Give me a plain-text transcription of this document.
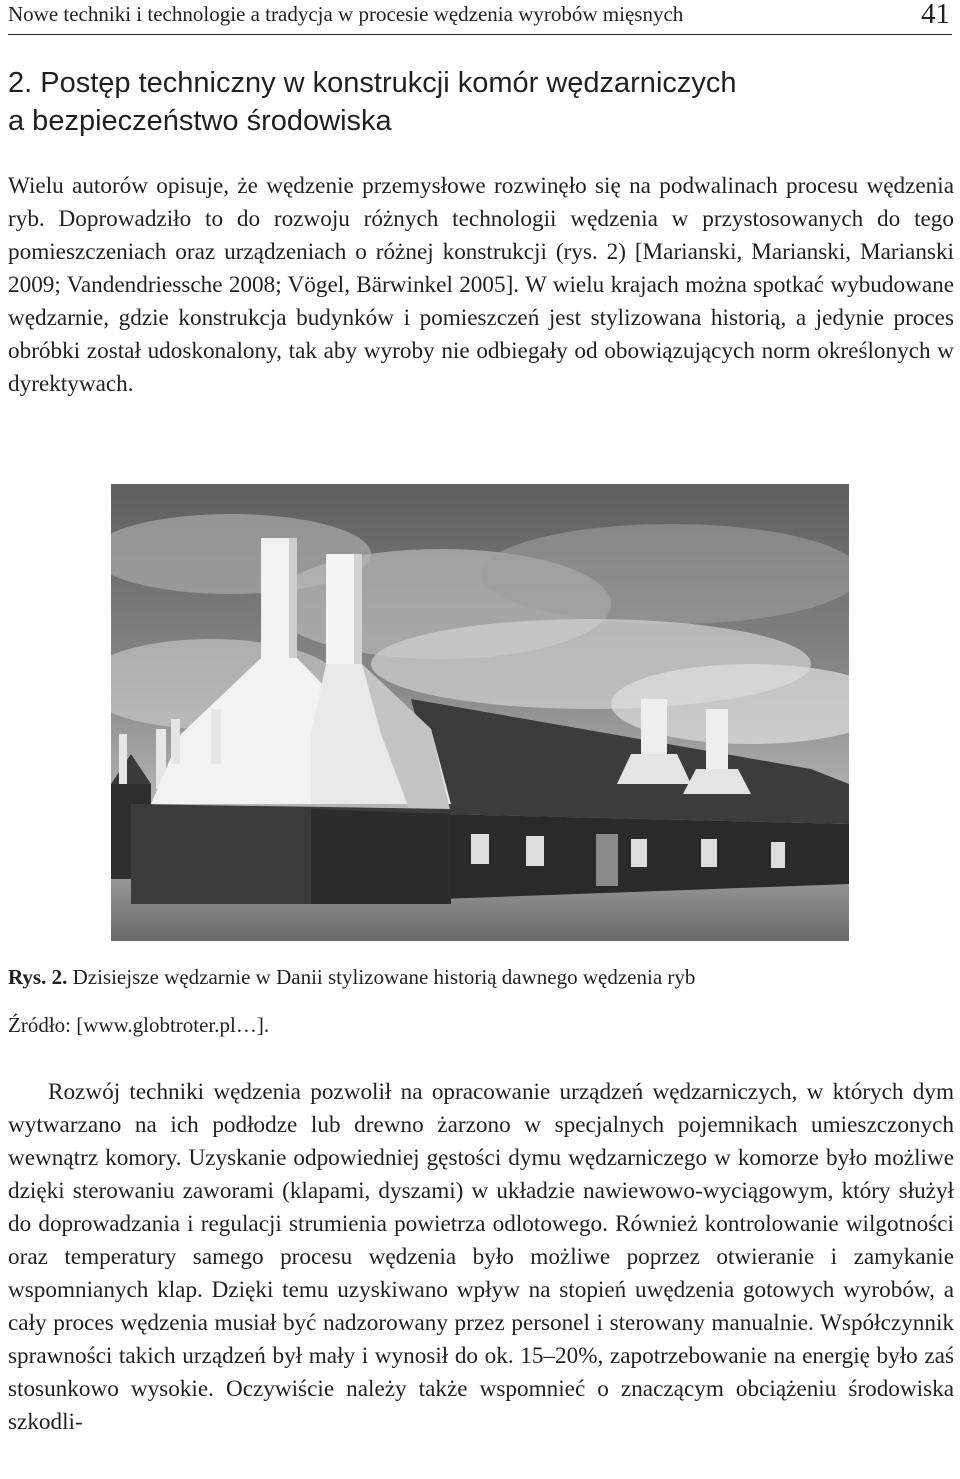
Nowe techniki i technologie a tradycja w procesie wędzenia wyrobów mięsnych	41
2. Postęp techniczny w konstrukcji komór wędzarniczych
a bezpieczeństwo środowiska

Wielu autorów opisuje, że wędzenie przemysłowe rozwinęło się na podwalinach procesu wędzenia ryb. Doprowadziło to do rozwoju różnych technologii wędzenia w przystosowanych do tego pomieszczeniach oraz urządzeniach o różnej konstrukcji (rys. 2) [Marianski, Marianski, Marianski 2009; Vandendriessche 2008; Vögel, Bärwinkel 2005]. W wielu krajach można spotkać wybudowane wędzarnie, gdzie konstrukcja budynków i pomieszczeń jest stylizowana historią, a jedynie proces obróbki został udoskonalony, tak aby wyroby nie odbiegały od obowiązujących norm określonych w dyrektywach.

Rys. 2. Dzisiejsze wędzarnie w Danii stylizowane historią dawnego wędzenia ryb
Źródło: [www.globtroter.pl…].

Rozwój techniki wędzenia pozwolił na opracowanie urządzeń wędzarniczych, w których dym wytwarzano na ich podłodze lub drewno żarzono w specjalnych pojemnikach umieszczonych wewnątrz komory. Uzyskanie odpowiedniej gęstości dymu wędzarniczego w komorze było możliwe dzięki sterowaniu zaworami (klapami, dyszami) w układzie nawiewowo-wyciągowym, który służył do doprowadzania i regulacji strumienia powietrza odlotowego. Również kontrolowanie wilgotności oraz temperatury samego procesu wędzenia było możliwe poprzez otwieranie i zamykanie wspomnianych klap. Dzięki temu uzyskiwano wpływ na stopień uwędzenia gotowych wyrobów, a cały proces wędzenia musiał być nadzorowany przez personel i sterowany manualnie. Współczynnik sprawności takich urządzeń był mały i wynosił do ok. 15–20%, zapotrzebowanie na energię było zaś stosunkowo wysokie. Oczywiście należy także wspomnieć o znaczącym obciążeniu środowiska szkodli-
